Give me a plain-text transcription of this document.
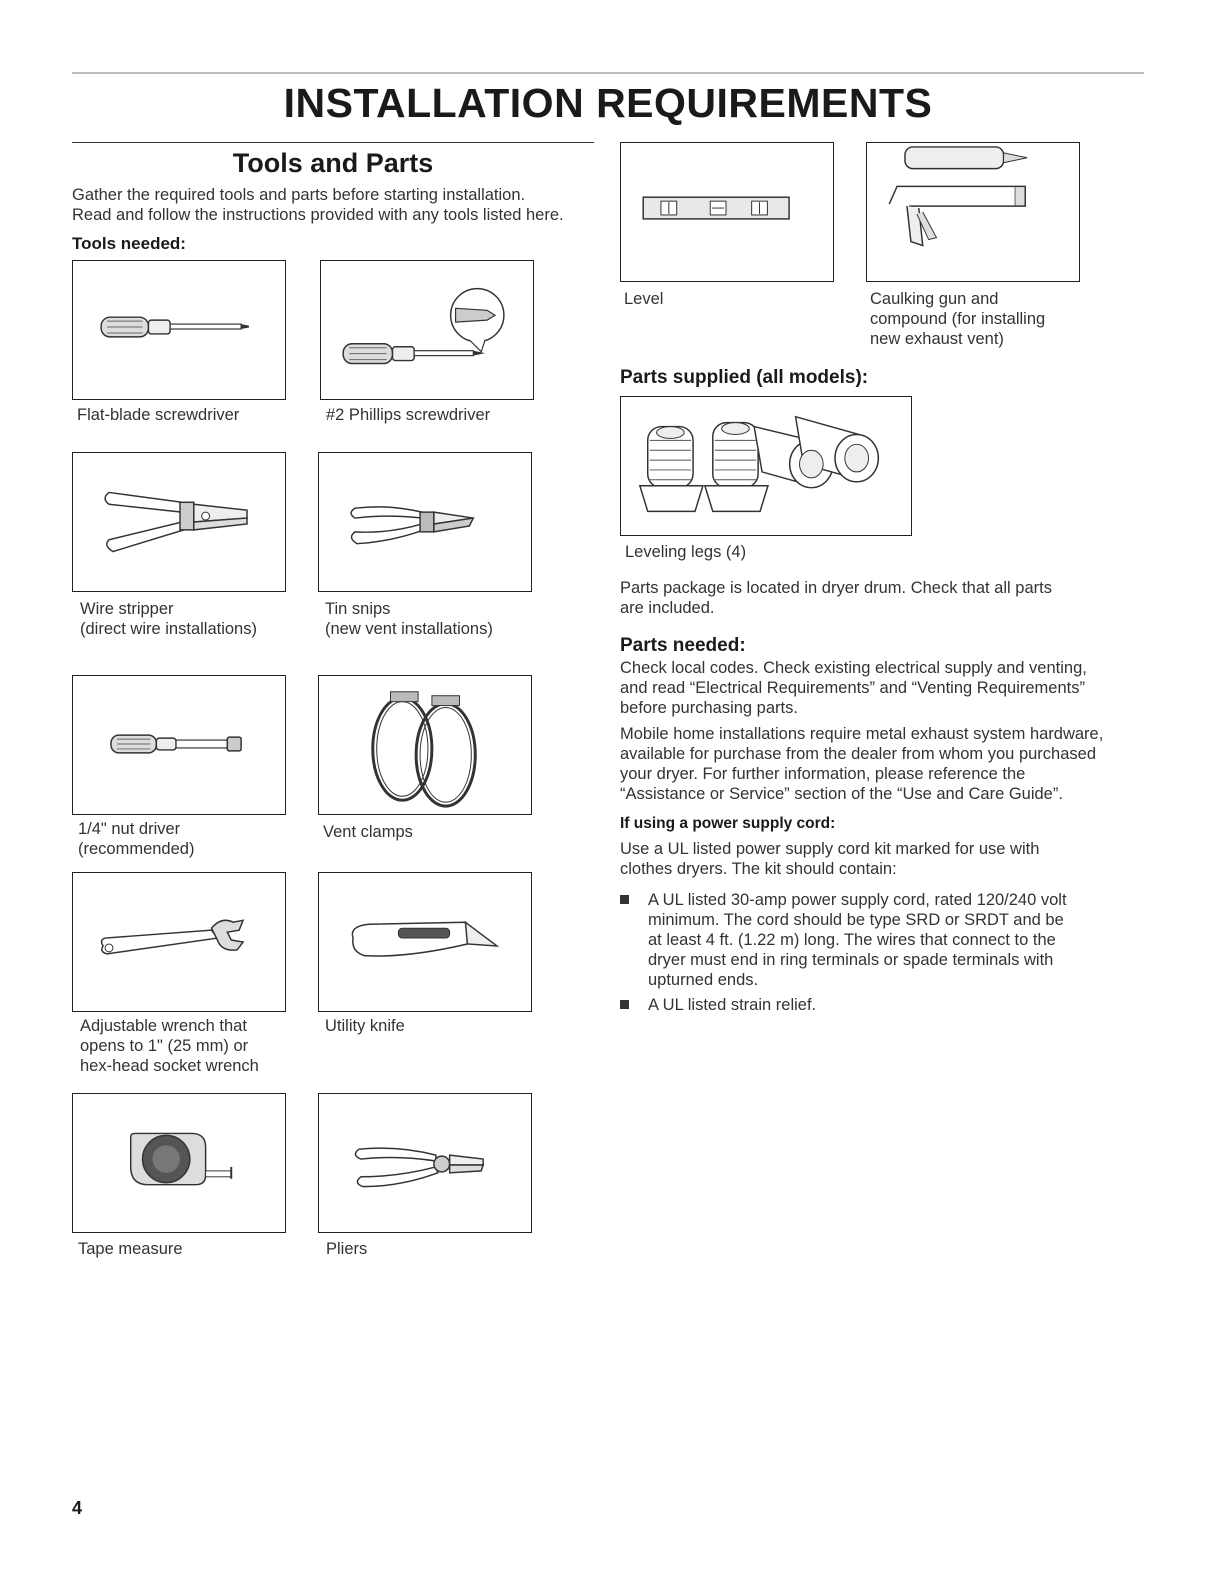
INSTALLATION REQUIREMENTS
Tools and Parts
Gather the required tools and parts before starting installation.
Read and follow the instructions provided with any tools listed here.
Tools needed:
Flat-blade screwdriver	#2 Phillips screwdriver
Level	Caulking gun and
compound (for installing
new exhaust vent)
Parts supplied (all models):
Leveling legs (4)
Parts package is located in dryer drum. Check that all parts
are included.
Parts needed:
Check local codes. Check existing electrical supply and venting,
and read “Electrical Requirements” and “Venting Requirements”
before purchasing parts.
Mobile home installations require metal exhaust system hardware,
available for purchase from the dealer from whom you purchased
your dryer. For further information, please reference the
“Assistance or Service” section of the “Use and Care Guide”.
If using a power supply cord:
Use a UL listed power supply cord kit marked for use with
clothes dryers. The kit should contain:
A UL listed 30-amp power supply cord, rated 120/240 volt
minimum. The cord should be type SRD or SRDT and be
at least 4 ft. (1.22 m) long. The wires that connect to the
dryer must end in ring terminals or spade terminals with
upturned ends.
A UL listed strain relief.
Wire stripper
(direct wire installations)
Tin snips
(new vent installations)
1/4" nut driver
(recommended)
Vent clamps
Adjustable wrench that
opens to 1" (25 mm) or
hex-head socket wrench
Utility knife
Tape measure	Pliers
4
